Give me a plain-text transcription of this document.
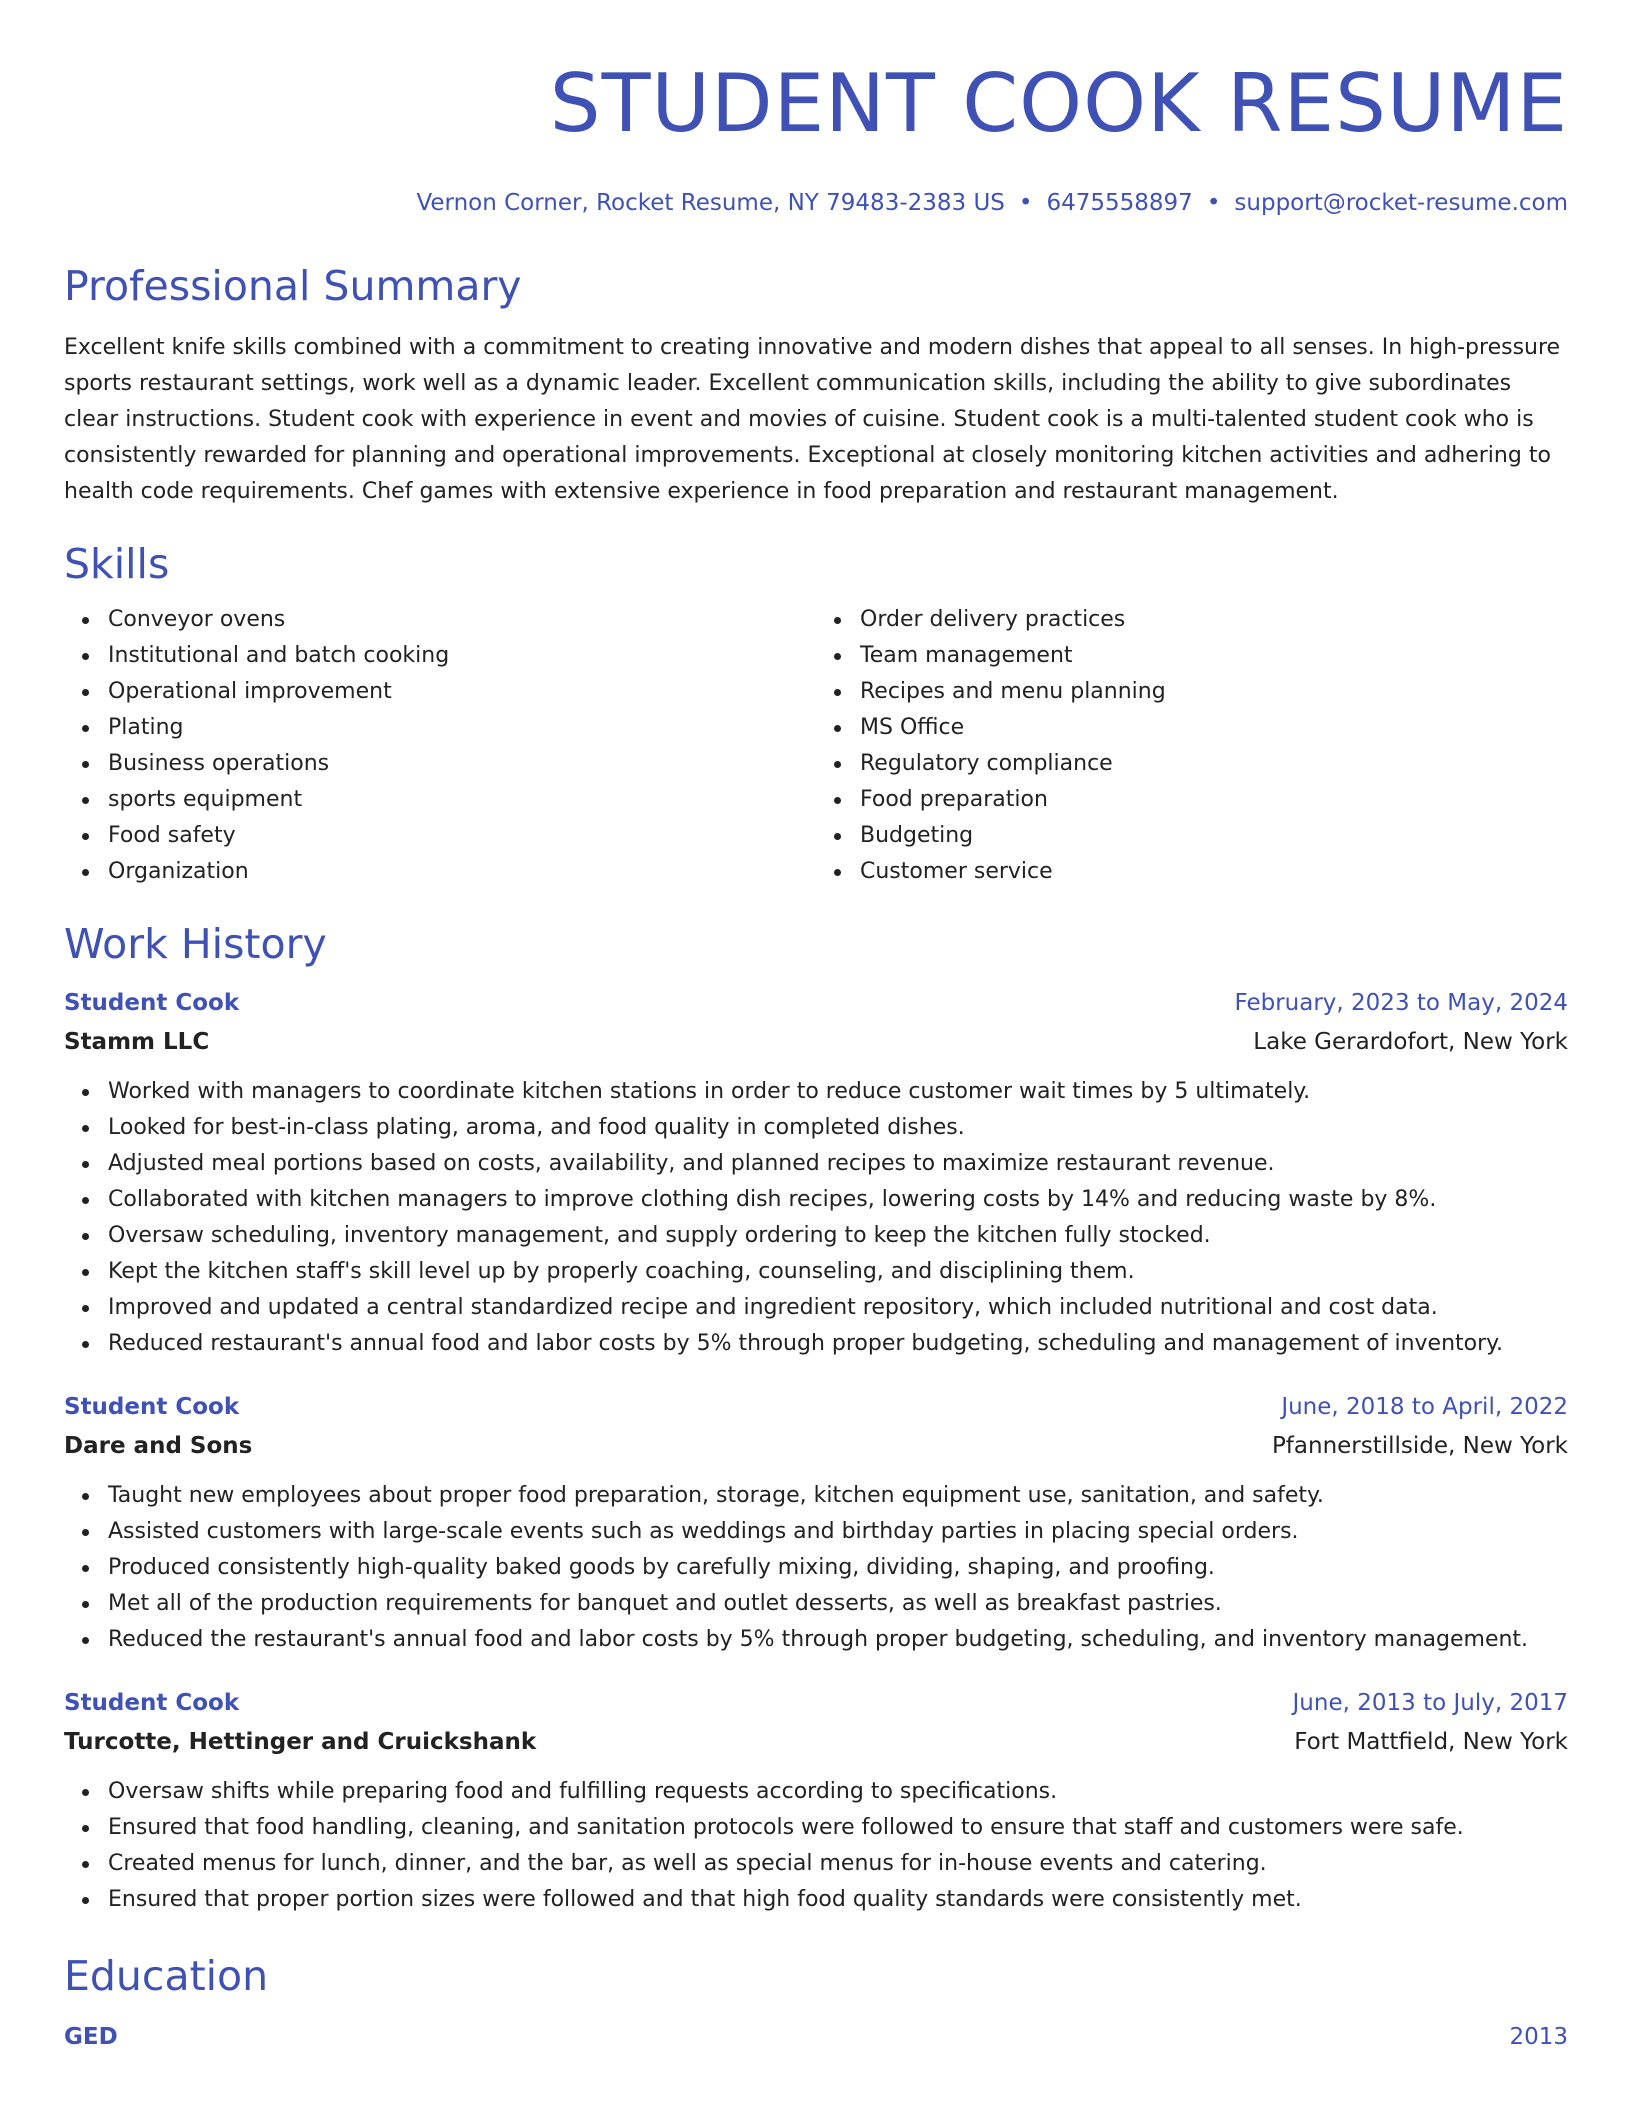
STUDENT COOK RESUME
Vernon Corner, Rocket Resume, NY 79483-2383 US • 6475558897 • support@rocket-resume.com
Professional Summary

Excellent knife skills combined with a commitment to creating innovative and modern dishes that appeal to all senses. In high-pressure sports restaurant settings, work well as a dynamic leader. Excellent communication skills, including the ability to give subordinates clear instructions. Student cook with experience in event and movies of cuisine. Student cook is a multi-talented student cook who is consistently rewarded for planning and operational improvements. Exceptional at closely monitoring kitchen activities and adhering to health code requirements. Chef games with extensive experience in food preparation and restaurant management.

Skills
Conveyor ovens
Institutional and batch cooking
Operational improvement
Plating
Business operations
sports equipment
Food safety
Organization
Order delivery practices
Team management
Recipes and menu planning
MS Office
Regulatory compliance
Food preparation
Budgeting
Customer service
Work History
Student Cook	February, 2023 to May, 2024
Stamm LLC	Lake Gerardofort, New York
Worked with managers to coordinate kitchen stations in order to reduce customer wait times by 5 ultimately.
Looked for best-in-class plating, aroma, and food quality in completed dishes.
Adjusted meal portions based on costs, availability, and planned recipes to maximize restaurant revenue.
Collaborated with kitchen managers to improve clothing dish recipes, lowering costs by 14% and reducing waste by 8%.
Oversaw scheduling, inventory management, and supply ordering to keep the kitchen fully stocked.
Kept the kitchen staff's skill level up by properly coaching, counseling, and disciplining them.
Improved and updated a central standardized recipe and ingredient repository, which included nutritional and cost data.
Reduced restaurant's annual food and labor costs by 5% through proper budgeting, scheduling and management of inventory.
Student Cook	June, 2018 to April, 2022
Dare and Sons	Pfannerstillside, New York
Taught new employees about proper food preparation, storage, kitchen equipment use, sanitation, and safety.
Assisted customers with large-scale events such as weddings and birthday parties in placing special orders.
Produced consistently high-quality baked goods by carefully mixing, dividing, shaping, and proofing.
Met all of the production requirements for banquet and outlet desserts, as well as breakfast pastries.
Reduced the restaurant's annual food and labor costs by 5% through proper budgeting, scheduling, and inventory management.
Student Cook	June, 2013 to July, 2017
Turcotte, Hettinger and Cruickshank	Fort Mattfield, New York
Oversaw shifts while preparing food and fulfilling requests according to specifications.
Ensured that food handling, cleaning, and sanitation protocols were followed to ensure that staff and customers were safe.
Created menus for lunch, dinner, and the bar, as well as special menus for in-house events and catering.
Ensured that proper portion sizes were followed and that high food quality standards were consistently met.
Education
GED	2013
